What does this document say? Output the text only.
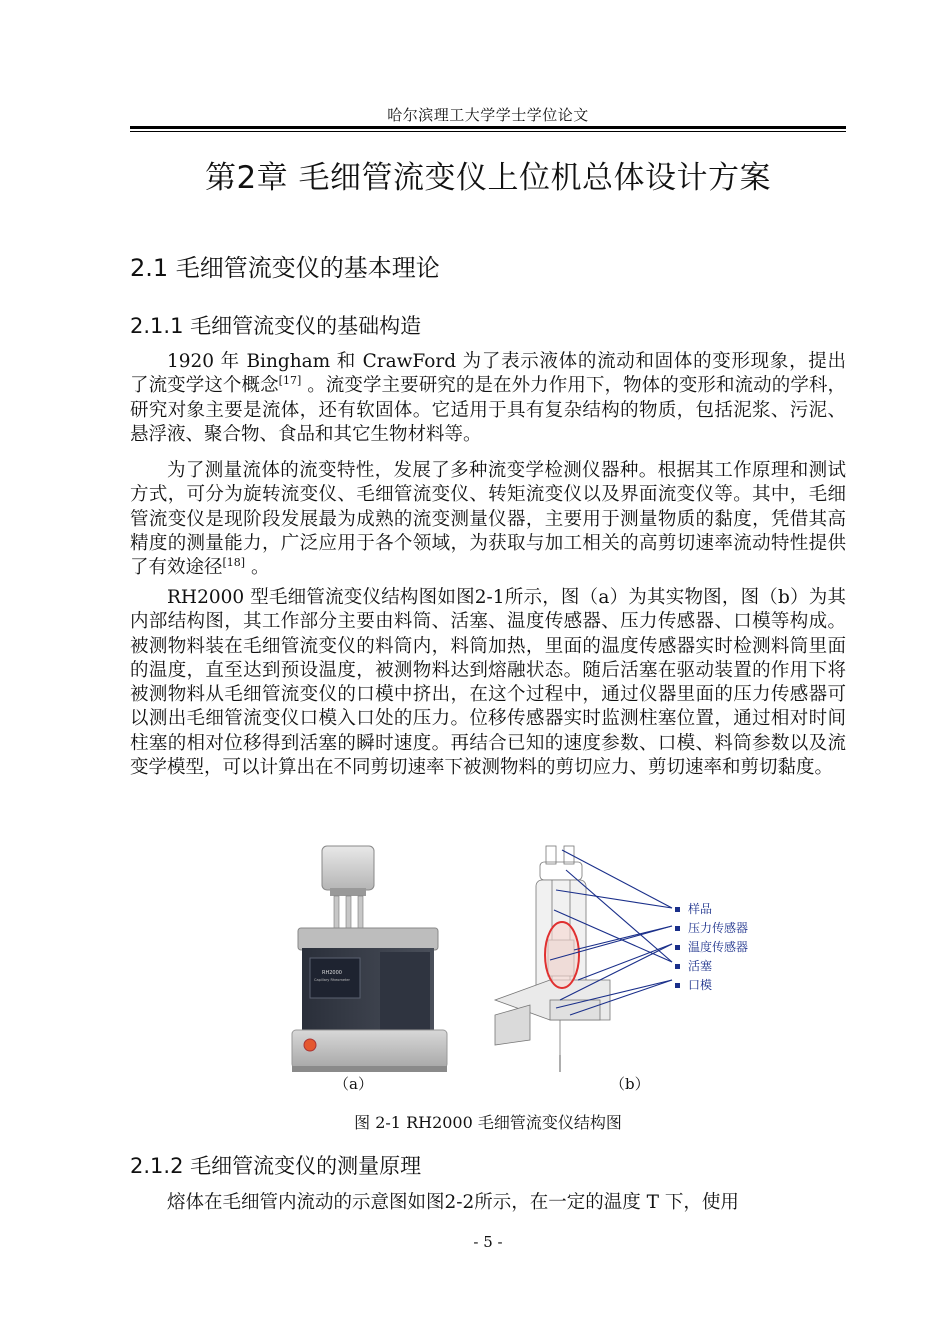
哈尔滨理工大学学士学位论文
第2章 毛细管流变仪上位机总体设计方案
2.1 毛细管流变仪的基本理论
2.1.1 毛细管流变仪的基础构造

1920 年 Bingham 和 CrawFord 为了表示液体的流动和固体的变形现象，提出了流变学这个概念[17] 。流变学主要研究的是在外力作用下，物体的变形和流动的学科，研究对象主要是流体，还有软固体。它适用于具有复杂结构的物质，包括泥浆、污泥、悬浮液、聚合物、食品和其它生物材料等。

为了测量流体的流变特性，发展了多种流变学检测仪器种。根据其工作原理和测试方式，可分为旋转流变仪、毛细管流变仪、转矩流变仪以及界面流变仪等。其中，毛细管流变仪是现阶段发展最为成熟的流变测量仪器，主要用于测量物质的黏度，凭借其高精度的测量能力，广泛应用于各个领域，为获取与加工相关的高剪切速率流动特性提供了有效途径[18] 。

RH2000 型毛细管流变仪结构图如图2-1所示，图（a）为其实物图，图（b）为其内部结构图，其工作部分主要由料筒、活塞、温度传感器、压力传感器、口模等构成。被测物料装在毛细管流变仪的料筒内，料筒加热，里面的温度传感器实时检测料筒里面的温度，直至达到预设温度，被测物料达到熔融状态。随后活塞在驱动装置的作用下将被测物料从毛细管流变仪的口模中挤出，在这个过程中，通过仪器里面的压力传感器可以测出毛细管流变仪口模入口处的压力。位移传感器实时监测柱塞位置，通过相对时间柱塞的相对位移得到活塞的瞬时速度。再结合已知的速度参数、口模、料筒参数以及流变学模型，可以计算出在不同剪切速率下被测物料的剪切应力、剪切速率和剪切黏度。

RH2000
Capillary Rheometer
（a）	（b）
样品
压力传感器
温度传感器
活塞
口模
图 2-1 RH2000 毛细管流变仪结构图
2.1.2 毛细管流变仪的测量原理

熔体在毛细管内流动的示意图如图2-2所示，在一定的温度 T 下，使用

- 5 -
